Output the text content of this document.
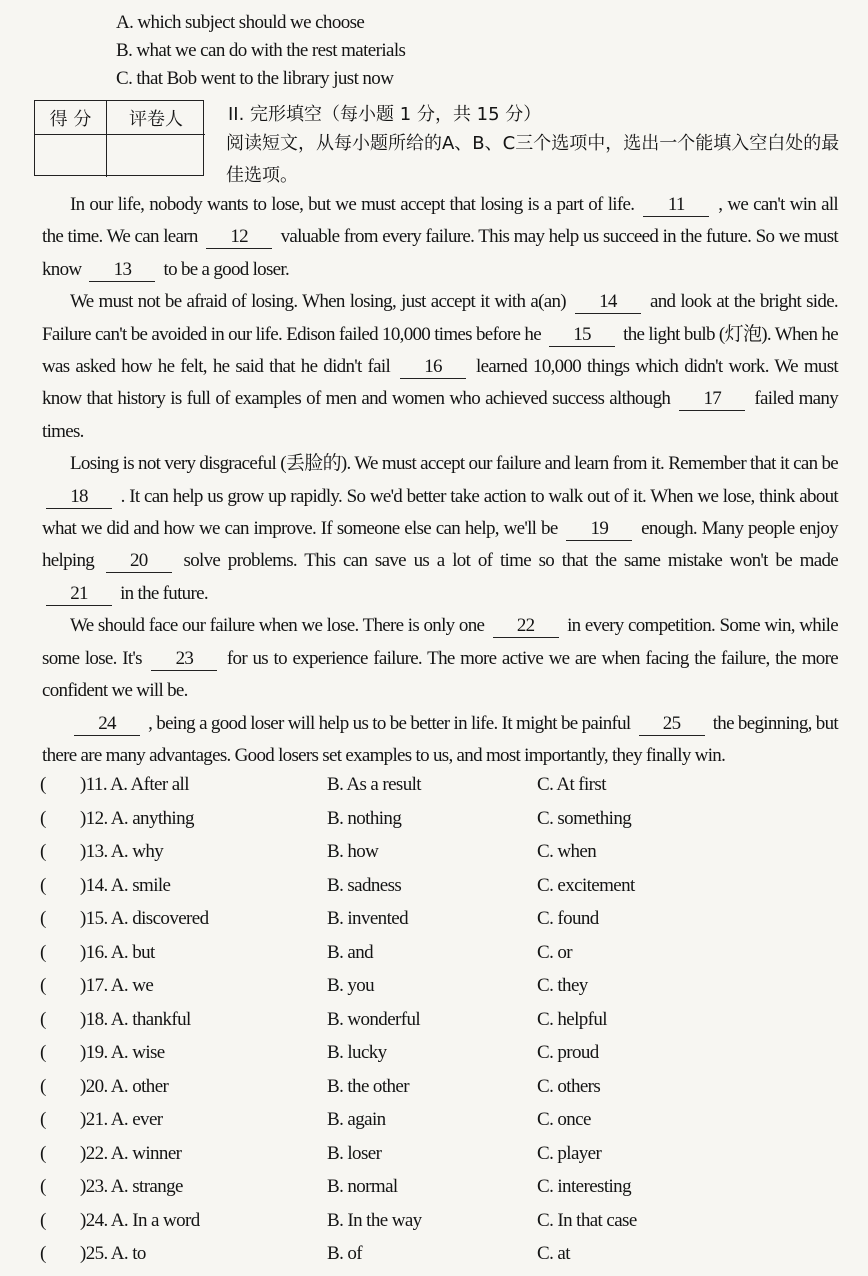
A. which subject should we choose
B. what we can do with the rest materials
C. that Bob went to the library just now
得 分	评卷人	II. 完形填空（每小题 1 分，共 15 分）
阅读短文，从每小题所给的A、B、C三个选项中，选出一个能填入空白处的最佳选项。

In our life, nobody wants to lose, but we must accept that losing is a part of life. 11 , we can't win all the time. We can learn 12 valuable from every failure. This may help us succeed in the future. So we must know 13 to be a good loser.

We must not be afraid of losing. When losing, just accept it with a(an) 14 and look at the bright side. Failure can't be avoided in our life. Edison failed 10,000 times before he 15 the light bulb (灯泡). When he was asked how he felt, he said that he didn't fail 16 learned 10,000 things which didn't work. We must know that history is full of examples of men and women who achieved success although 17 failed many times.

Losing is not very disgraceful (丢脸的). We must accept our failure and learn from it. Remember that it can be 18 . It can help us grow up rapidly. So we'd better take action to walk out of it. When we lose, think about what we did and how we can improve. If someone else can help, we'll be 19 enough. Many people enjoy helping 20 solve problems. This can save us a lot of time so that the same mistake won't be made 21 in the future.

We should face our failure when we lose. There is only one 22 in every competition. Some win, while some lose. It's 23 for us to experience failure. The more active we are when facing the failure, the more confident we will be.

24 , being a good loser will help us to be better in life. It might be painful 25 the beginning, but there are many advantages. Good losers set examples to us, and most importantly, they finally win.

( )11. A. After all	B. As a result	C. At first
( )12. A. anything	B. nothing	C. something
( )13. A. why	B. how	C. when
( )14. A. smile	B. sadness	C. excitement
( )15. A. discovered	B. invented	C. found
( )16. A. but	B. and	C. or
( )17. A. we	B. you	C. they
( )18. A. thankful	B. wonderful	C. helpful
( )19. A. wise	B. lucky	C. proud
( )20. A. other	B. the other	C. others
( )21. A. ever	B. again	C. once
( )22. A. winner	B. loser	C. player
( )23. A. strange	B. normal	C. interesting
( )24. A. In a word	B. In the way	C. In that case
( )25. A. to	B. of	C. at
